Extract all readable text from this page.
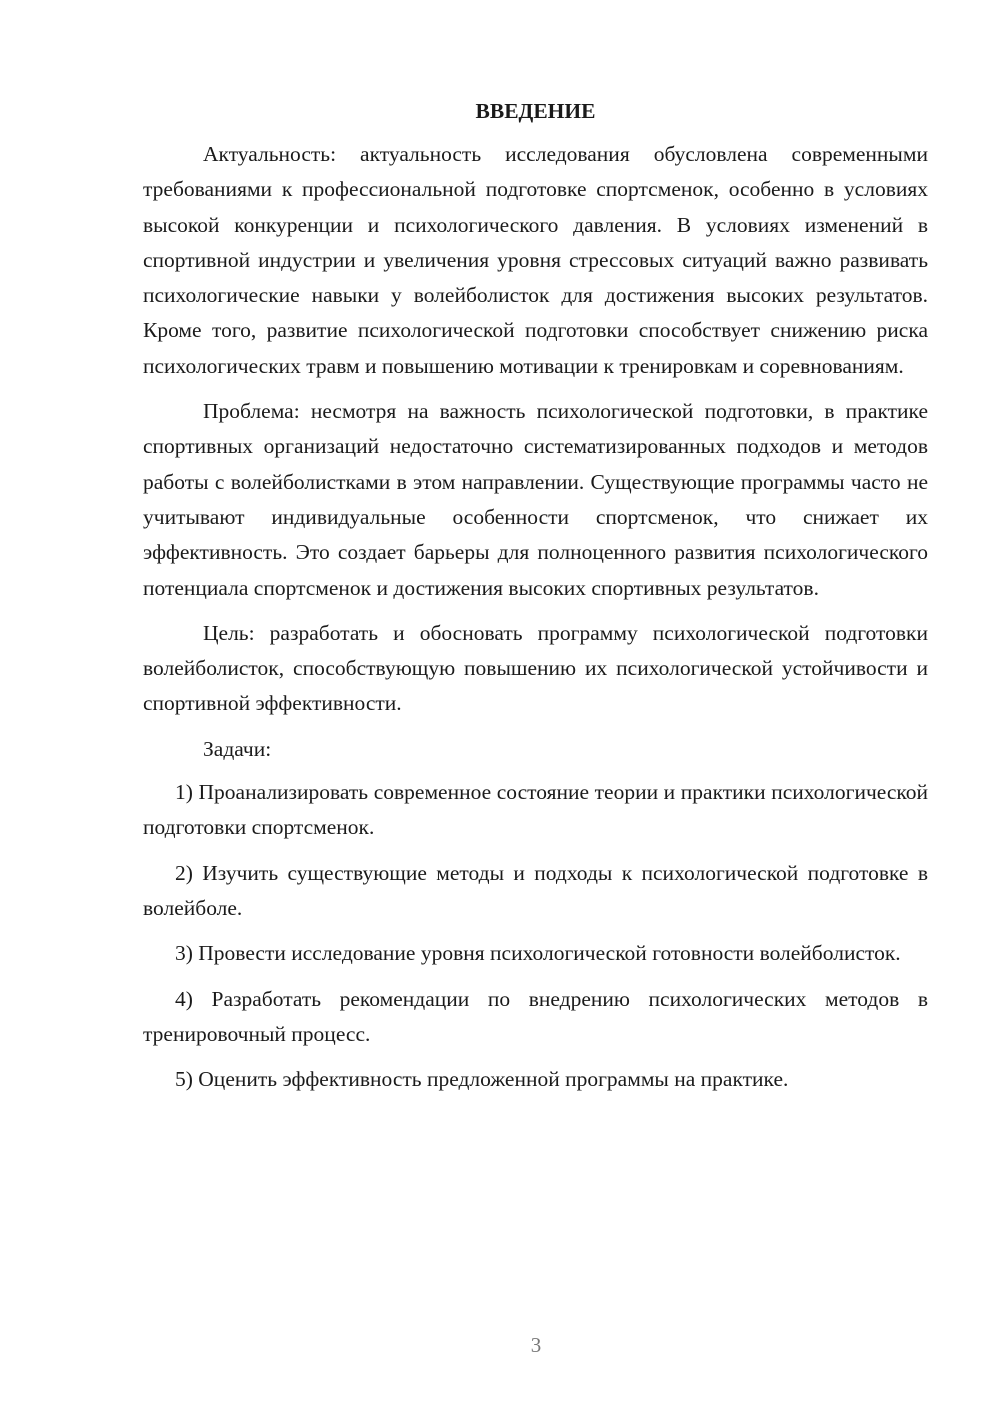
ВВЕДЕНИЕ

Актуальность: актуальность исследования обусловлена современными требованиями к профессиональной подготовке спортсменок, особенно в условиях высокой конкуренции и психологического давления. В условиях изменений в спортивной индустрии и увеличения уровня стрессовых ситуаций важно развивать психологические навыки у волейболисток для достижения высоких результатов. Кроме того, развитие психологической подготовки способствует снижению риска психологических травм и повышению мотивации к тренировкам и соревнованиям.

Проблема: несмотря на важность психологической подготовки, в практике спортивных организаций недостаточно систематизированных подходов и методов работы с волейболистками в этом направлении. Существующие программы часто не учитывают индивидуальные особенности спортсменок, что снижает их эффективность. Это создает барьеры для полноценного развития психологического потенциала спортсменок и достижения высоких спортивных результатов.

Цель: разработать и обосновать программу психологической подготовки волейболисток, способствующую повышению их психологической устойчивости и спортивной эффективности.

Задачи:

1) Проанализировать современное состояние теории и практики психологической подготовки спортсменок.

2) Изучить существующие методы и подходы к психологической подготовке в волейболе.

3) Провести исследование уровня психологической готовности волейболисток.

4) Разработать рекомендации по внедрению психологических методов в тренировочный процесс.

5) Оценить эффективность предложенной программы на практике.

3
